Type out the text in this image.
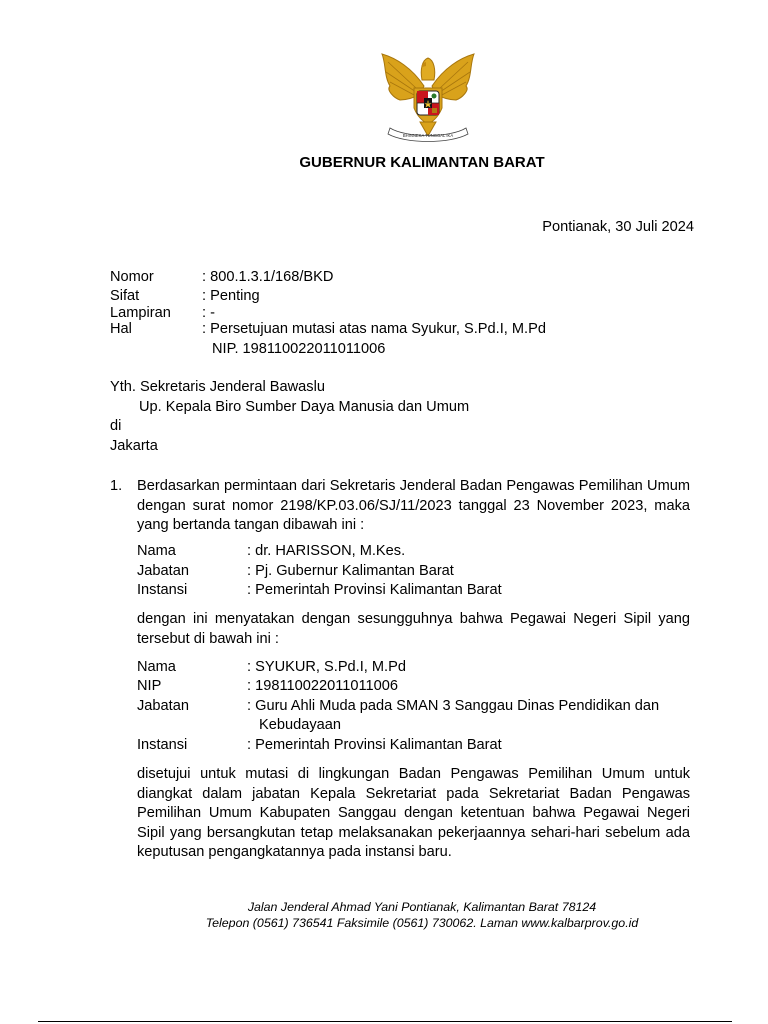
BHINNEKA TUNGGAL IKA
GUBERNUR KALIMANTAN BARAT
Pontianak, 30 Juli 2024
Nomor	: 800.1.3.1/168/BKD
Sifat	: Penting
Lampiran : -
Hal	: Persetujuan mutasi atas nama Syukur, S.Pd.I, M.Pd
NIP. 198110022011011006
Yth. Sekretaris Jenderal Bawaslu
Up. Kepala Biro Sumber Daya Manusia dan Umum
di
Jakarta
1. Berdasarkan permintaan dari Sekretaris Jenderal Badan Pengawas Pemilihan Umum dengan surat nomor 2198/KP.03.06/SJ/11/2023 tanggal 23 November 2023, maka yang bertanda tangan dibawah ini :
Nama	: dr. HARISSON, M.Kes.
Jabatan	: Pj. Gubernur Kalimantan Barat
Instansi	: Pemerintah Provinsi Kalimantan Barat
dengan ini menyatakan dengan sesungguhnya bahwa Pegawai Negeri Sipil yang tersebut di bawah ini :
Nama	: SYUKUR, S.Pd.I, M.Pd
NIP	: 198110022011011006
Jabatan	: Guru Ahli Muda pada SMAN 3 Sanggau Dinas Pendidikan dan
Kebudayaan
Instansi	: Pemerintah Provinsi Kalimantan Barat
disetujui untuk mutasi di lingkungan Badan Pengawas Pemilihan Umum untuk diangkat dalam jabatan Kepala Sekretariat pada Sekretariat Badan Pengawas Pemilihan Umum Kabupaten Sanggau dengan ketentuan bahwa Pegawai Negeri Sipil yang bersangkutan tetap melaksanakan pekerjaannya sehari-hari sebelum ada keputusan pengangkatannya pada instansi baru.
Jalan Jenderal Ahmad Yani Pontianak, Kalimantan Barat 78124
Telepon (0561) 736541 Faksimile (0561) 730062. Laman www.kalbarprov.go.id
